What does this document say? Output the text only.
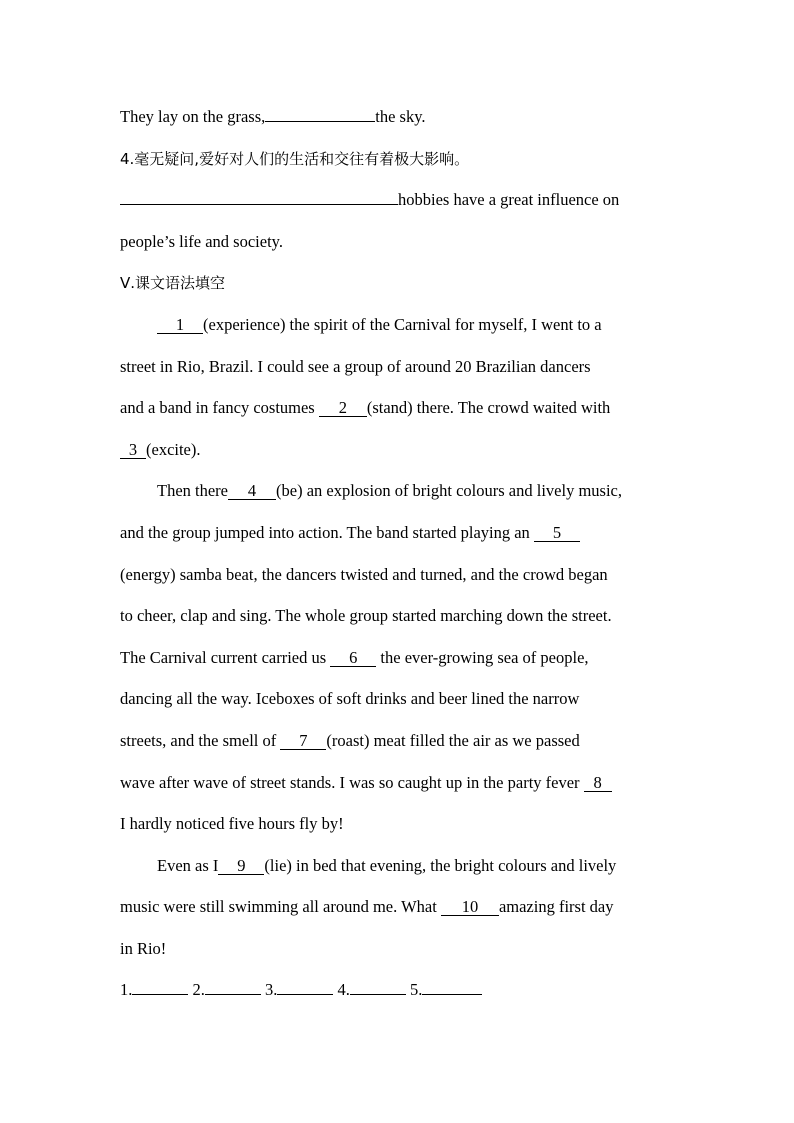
They lay on the grass,	the sky.
4.毫无疑问,爱好对人们的生活和交往有着极大影响。
hobbies have a great influence on
people’s life and society.
Ⅴ.课文语法填空
1 (experience) the spirit of the Carnival for myself, I went to a
street in Rio, Brazil. I could see a group of around 20 Brazilian dancers
and a band in fancy costumes 2 (stand) there. The crowd waited with
3 (excite).
Then there 4 (be) an explosion of bright colours and lively music,
and the group jumped into action. The band started playing an 5
(energy) samba beat, the dancers twisted and turned, and the crowd began
to cheer, clap and sing. The whole group started marching down the street.
The Carnival current carried us 6 the ever-growing sea of people,
dancing all the way. Iceboxes of soft drinks and beer lined the narrow
streets, and the smell of 7 (roast) meat filled the air as we passed
wave after wave of street stands. I was so caught up in the party fever 8
I hardly noticed five hours fly by!
Even as I 9 (lie) in bed that evening, the bright colours and lively
music were still swimming all around me. What 10 amazing first day
in Rio!
1.	2.	3.	4.	5.
